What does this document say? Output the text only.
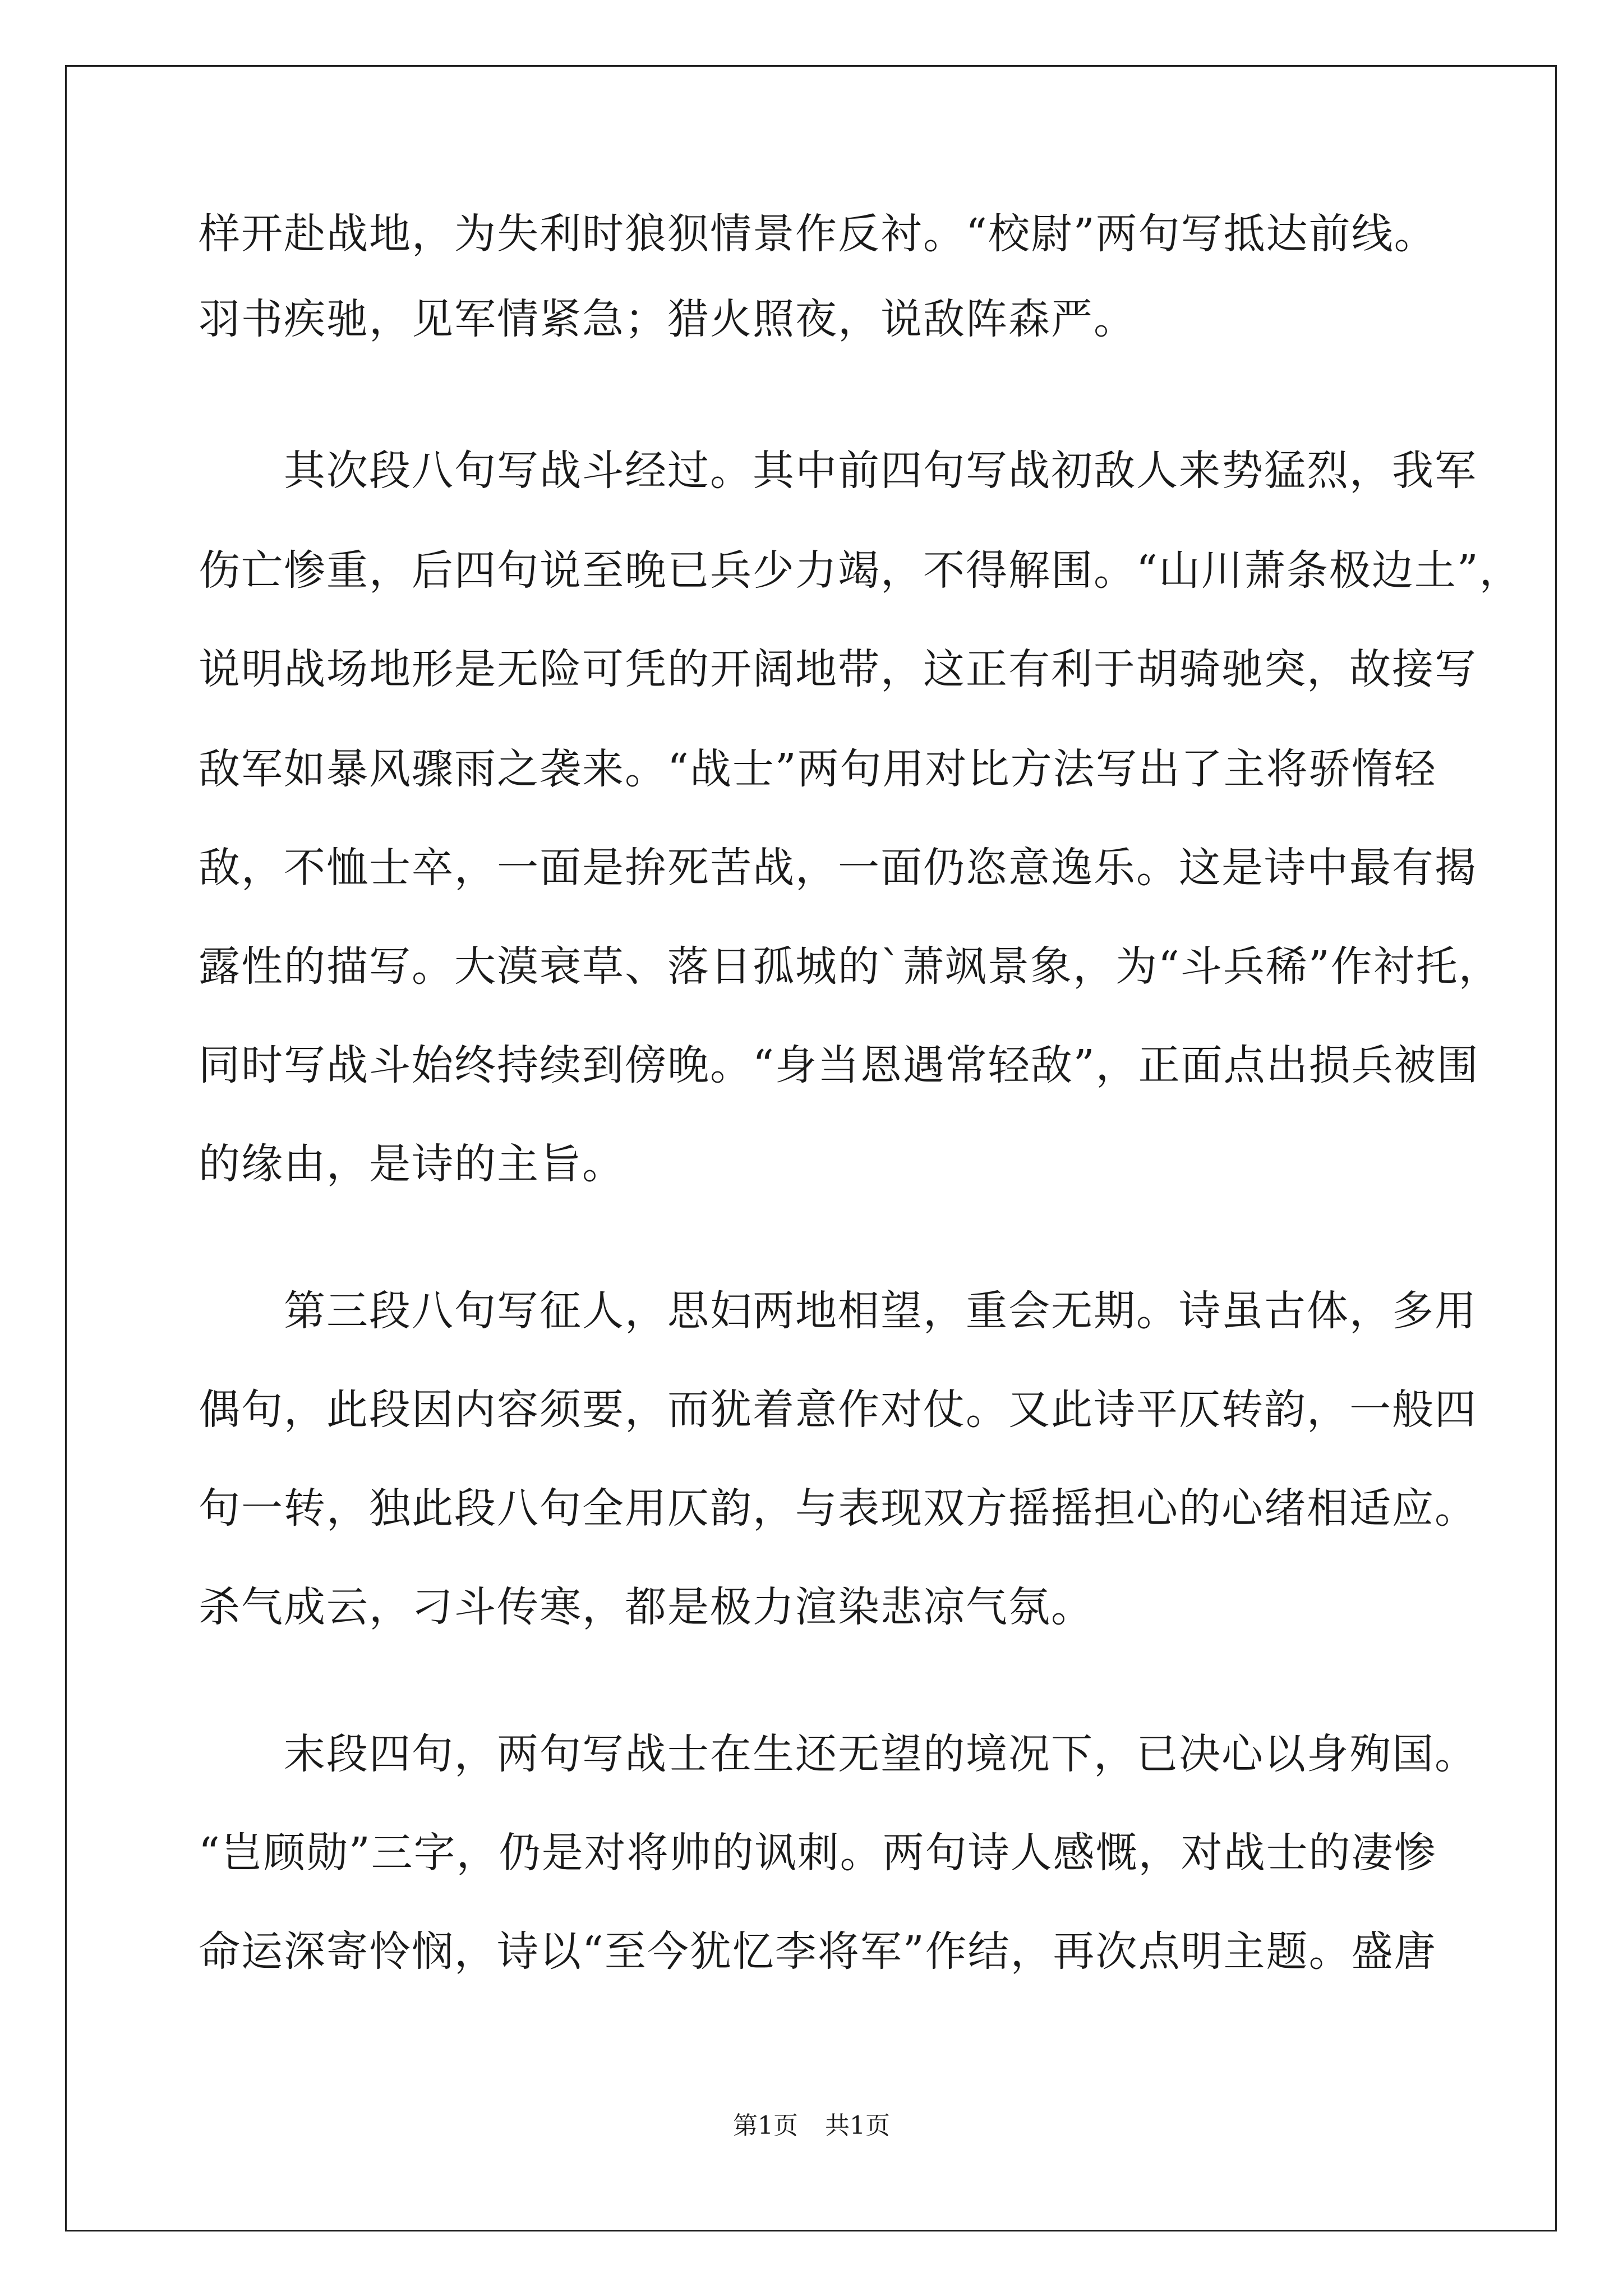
样开赴战地，为失利时狼狈情景作反衬。“校尉”两句写抵达前线。
羽书疾驰，见军情紧急；猎火照夜，说敌阵森严。
　　其次段八句写战斗经过。其中前四句写战初敌人来势猛烈，我军
伤亡惨重，后四句说至晚已兵少力竭，不得解围。“山川萧条极边土”，
说明战场地形是无险可凭的开阔地带，这正有利于胡骑驰突，故接写
敌军如暴风骤雨之袭来。“战士”两句用对比方法写出了主将骄惰轻
敌，不恤士卒，一面是拚死苦战，一面仍恣意逸乐。这是诗中最有揭
露性的描写。大漠衰草、落日孤城的`萧飒景象，为“斗兵稀”作衬托，
同时写战斗始终持续到傍晚。“身当恩遇常轻敌”，正面点出损兵被围
的缘由，是诗的主旨。
　　第三段八句写征人，思妇两地相望，重会无期。诗虽古体，多用
偶句，此段因内容须要，而犹着意作对仗。又此诗平仄转韵，一般四
句一转，独此段八句全用仄韵，与表现双方摇摇担心的心绪相适应。
杀气成云，刁斗传寒，都是极力渲染悲凉气氛。
　　末段四句，两句写战士在生还无望的境况下，已决心以身殉国。
“岂顾勋”三字，仍是对将帅的讽刺。两句诗人感慨，对战士的凄惨
命运深寄怜悯，诗以“至今犹忆李将军”作结，再次点明主题。盛唐
第1页 共1页
